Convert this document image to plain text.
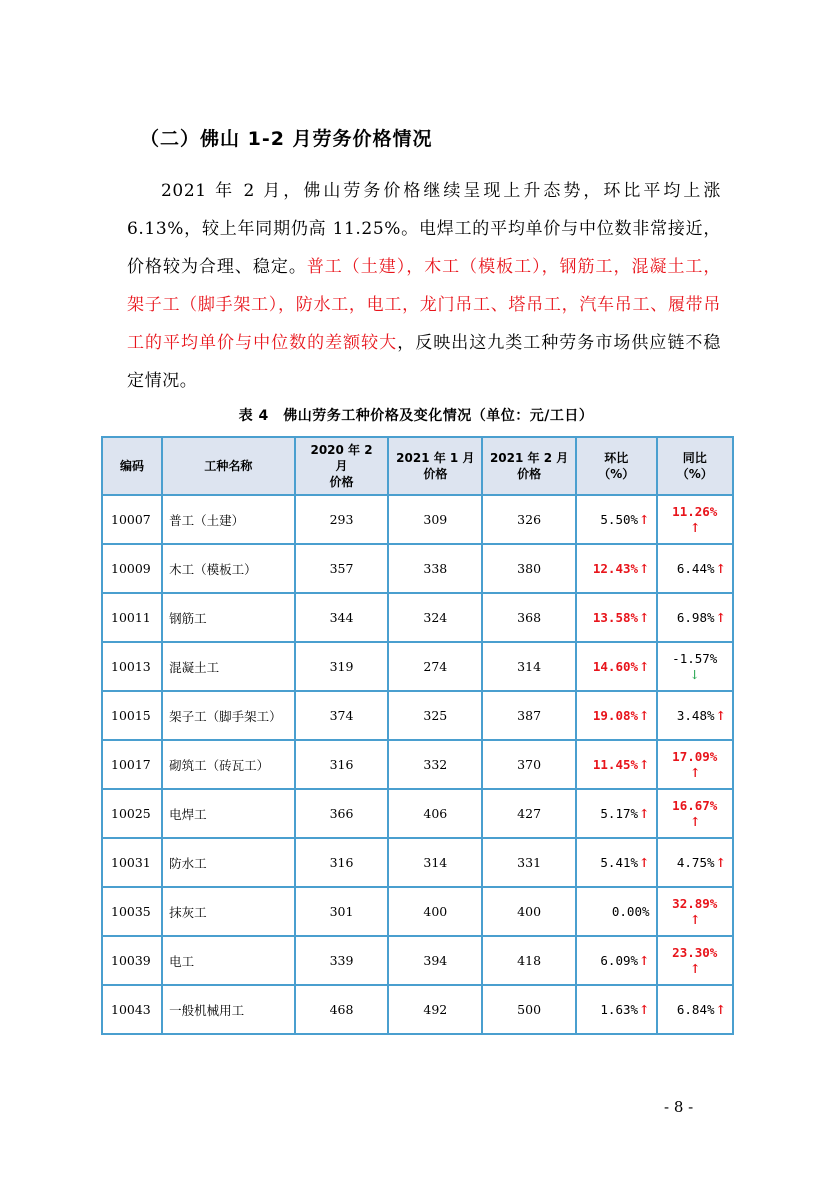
（二）佛山 1-2 月劳务价格情况
2021 年 2 月，佛山劳务价格继续呈现上升态势，环比平均上涨 6.13%，较上年同期仍高 11.25%。电焊工的平均单价与中位数非常接近，价格较为合理、稳定。普工（土建），木工（模板工），钢筋工，混凝土工，架子工（脚手架工），防水工，电工，龙门吊工、塔吊工，汽车吊工、履带吊工的平均单价与中位数的差额较大，反映出这九类工种劳务市场供应链不稳定情况。
表 4　佛山劳务工种价格及变化情况（单位：元/工日）
编码	工种名称	2020 年 2
月
价格	2021 年 1 月
价格	2021 年 2 月
价格	环比
（%）	同比
（%）

10007	普工（土建）	293	309	326	5.50%↑	11.26%
↑

10009	木工（模板工）	357	338	380	12.43%↑	6.44%↑
10011	钢筋工	344	324	368	13.58%↑	6.98%↑
10013	混凝土工	319	274	314	14.60%↑	-1.57%
↓

10015	架子工（脚手架工）	374	325	387	19.08%↑	3.48%↑
10017	砌筑工（砖瓦工）	316	332	370	11.45%↑	17.09%
↑

10025	电焊工	366	406	427	5.17%↑	16.67%
↑

10031	防水工	316	314	331	5.41%↑	4.75%↑
10035	抹灰工	301	400	400	0.00%	32.89%
↑

10039	电工	339	394	418	6.09%↑	23.30%
↑

10043	一般机械用工	468	492	500	1.63%↑	6.84%↑
- 8 -
